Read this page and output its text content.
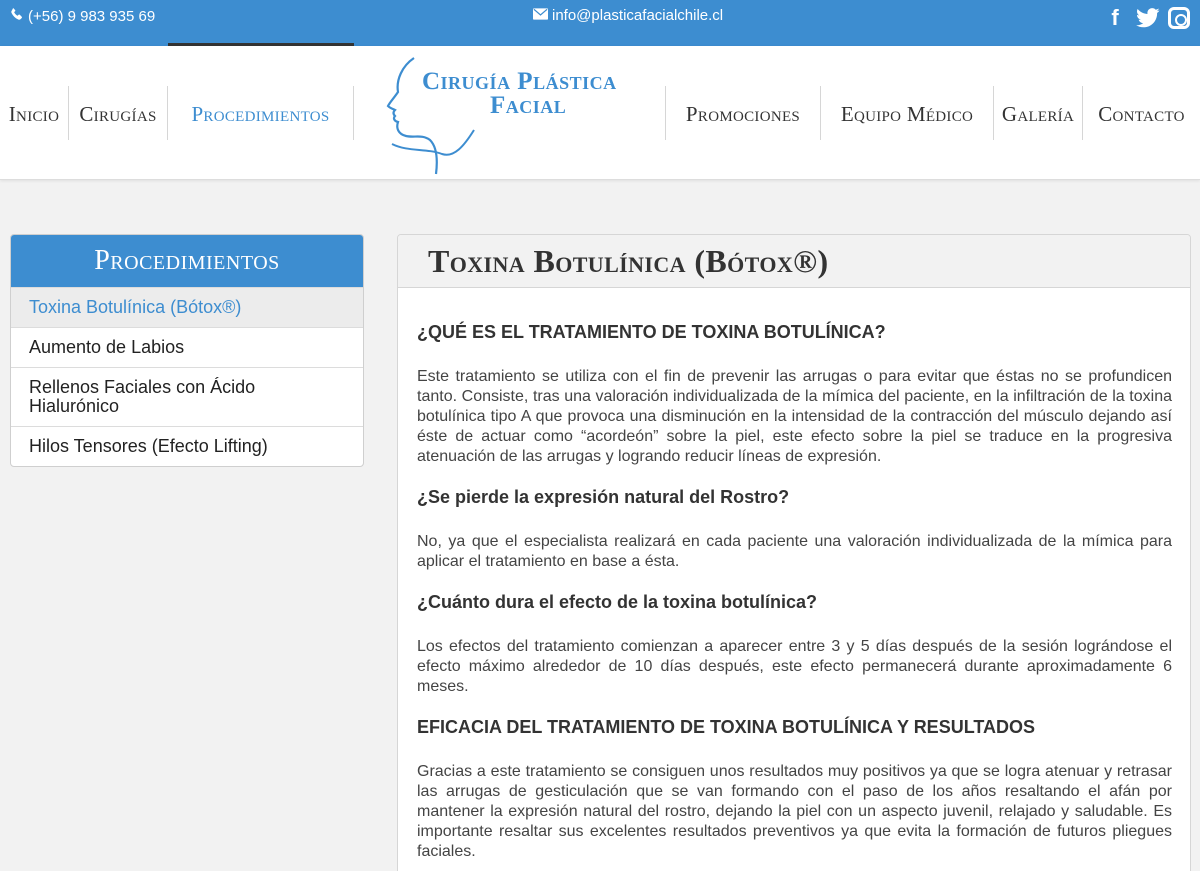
(+56) 9 983 935 69	info@plasticafacialchile.cl	f
Inicio Cirugías	Procedimientos
Cirugía Plástica
Facial	Promociones	Equipo Médico	Galería	Contacto
Procedimientos
Toxina Botulínica (Bótox®)
Aumento de Labios
Rellenos Faciales con Ácido Hialurónico
Hilos Tensores (Efecto Lifting)
Toxina Botulínica (Bótox®)
¿QUÉ ES EL TRATAMIENTO DE TOXINA BOTULÍNICA?

Este tratamiento se utiliza con el fin de prevenir las arrugas o para evitar que éstas no se profundicen tanto. Consiste, tras una valoración individualizada de la mímica del paciente, en la infiltración de la toxina botulínica tipo A que provoca una disminución en la intensidad de la contracción del músculo dejando así éste de actuar como “acordeón” sobre la piel, este efecto sobre la piel se traduce en la progresiva atenuación de las arrugas y logrando reducir líneas de expresión.

¿Se pierde la expresión natural del Rostro?

No, ya que el especialista realizará en cada paciente una valoración individualizada de la mímica para aplicar el tratamiento en base a ésta.

¿Cuánto dura el efecto de la toxina botulínica?

Los efectos del tratamiento comienzan a aparecer entre 3 y 5 días después de la sesión lográndose el efecto máximo alrededor de 10 días después, este efecto permanecerá durante aproximadamente 6 meses.

EFICACIA DEL TRATAMIENTO DE TOXINA BOTULÍNICA Y RESULTADOS

Gracias a este tratamiento se consiguen unos resultados muy positivos ya que se logra atenuar y retrasar las arrugas de gesticulación que se van formando con el paso de los años resaltando el afán por mantener la expresión natural del rostro, dejando la piel con un aspecto juvenil, relajado y saludable. Es importante resaltar sus excelentes resultados preventivos ya que evita la formación de futuros pliegues faciales.
